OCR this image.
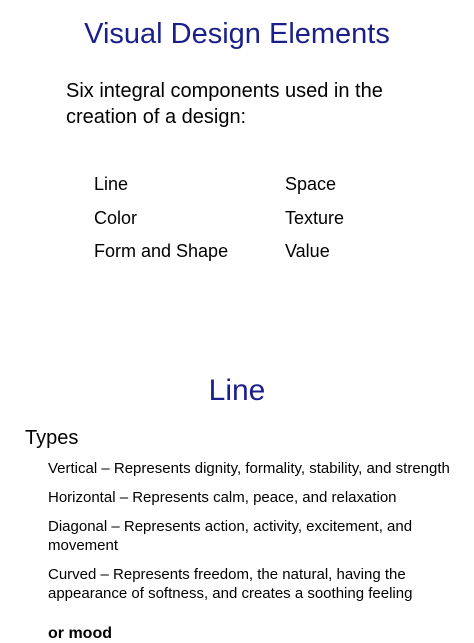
Visual Design Elements

Six integral components used in the creation of a design:

Line	Space
Color	Texture
Form and Shape	Value
Line
Types
Vertical – Represents dignity, formality, stability, and strength
Horizontal – Represents calm, peace, and relaxation
Diagonal – Represents action, activity, excitement, and movement
Curved – Represents freedom, the natural, having the appearance of softness, and creates a soothing feeling
or mood
